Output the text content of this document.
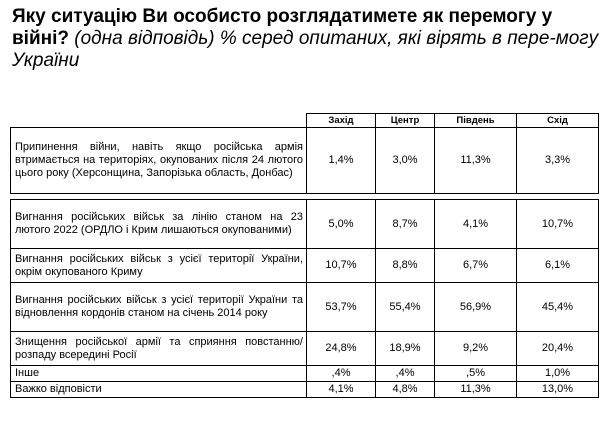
Яку ситуацію Ви особисто розглядатимете як перемогу у війні? (одна відповідь) % серед опитаних, які вірять в пере-могу України
	Захід	Центр	Південь	Схід
Припинення війни, навіть якщо російська армія втримається на територіях, окупованих після 24 лютого цього року (Херсонщина, Запорізька область, Донбас)	1,4%	3,0%	11,3%	3,3%

Вигнання російських військ за лінію станом на 23 лютого 2022 (ОРДЛО і Крим лишаються окупованими)	5,0%	8,7%	4,1%	10,7%
Вигнання російських військ з усієї території України, окрім окупованого Криму	10,7%	8,8%	6,7%	6,1%
Вигнання російських військ з усієї території України та відновлення кордонів станом на січень 2014 року	53,7%	55,4%	56,9%	45,4%
Знищення російської армії та сприяння повстанню/розпаду всередині Росії	24,8%	18,9%	9,2%	20,4%
Інше	,4%	,4%	,5%	1,0%
Важко відповісти	4,1%	4,8%	11,3%	13,0%
